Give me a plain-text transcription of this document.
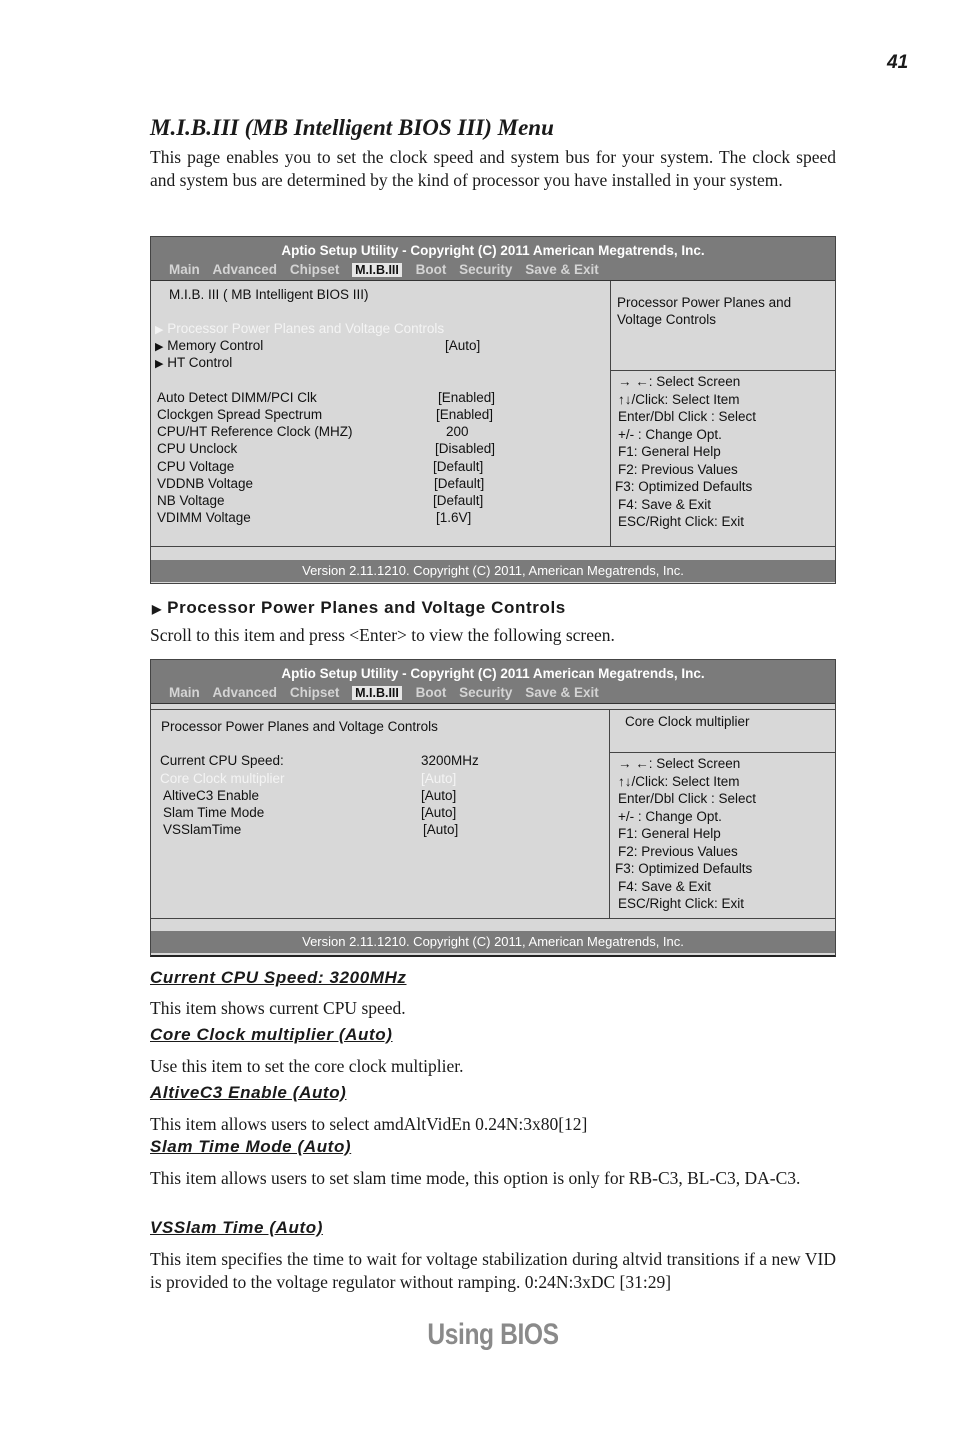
41
M.I.B.III (MB Intelligent BIOS III) Menu
This page enables you to set the clock speed and system bus for your system. The clock speed and system bus are determined by the kind of processor you have installed in your system.
Aptio Setup Utility - Copyright (C) 2011 American Megatrends, Inc.
Main Advanced Chipset M.I.B.III Boot Security Save & Exit
M.I.B. III ( MB Intelligent BIOS III)
▶ Processor Power Planes and Voltage Controls
▶ Memory Control	[Auto]
▶ HT Control
Auto Detect DIMM/PCI Clk	[Enabled]
Clockgen Spread Spectrum	[Enabled]
CPU/HT Reference Clock (MHZ)	200
CPU Unclock	[Disabled]
CPU Voltage	[Default]
VDDNB Voltage	[Default]
NB Voltage	[Default]
VDIMM Voltage	[1.6V]
Processor Power Planes and
Voltage Controls
→ ←: Select Screen
↑↓/Click: Select Item
Enter/Dbl Click : Select
+/- : Change Opt.
F1: General Help
F2: Previous Values
F3: Optimized Defaults
F4: Save & Exit
ESC/Right Click: Exit
Version 2.11.1210. Copyright (C) 2011, American Megatrends, Inc.
▶ Processor Power Planes and Voltage Controls
Scroll to this item and press <Enter> to view the following screen.
Aptio Setup Utility - Copyright (C) 2011 American Megatrends, Inc.
Main Advanced Chipset M.I.B.III Boot Security Save & Exit
Processor Power Planes and Voltage Controls
Current CPU Speed:	3200MHz
Core Clock multiplier	[Auto]
AltiveC3 Enable	[Auto]
Slam Time Mode	[Auto]
VSSlamTime	[Auto]
Core Clock multiplier
→ ←: Select Screen
↑↓/Click: Select Item
Enter/Dbl Click : Select
+/- : Change Opt.
F1: General Help
F2: Previous Values
F3: Optimized Defaults
F4: Save & Exit
ESC/Right Click: Exit
Version 2.11.1210. Copyright (C) 2011, American Megatrends, Inc.
Current CPU Speed: 3200MHz
This item shows current CPU speed.
Core Clock multiplier (Auto)
Use this item to set the core clock multiplier.
AltiveC3 Enable (Auto)
This item allows users to select amdAltVidEn 0.24N:3x80[12]
Slam Time Mode (Auto)
This item allows users to set slam time mode, this option is only for RB-C3, BL-C3, DA-C3.
VSSlam Time (Auto)
This item specifies the time to wait for voltage stabilization during altvid transitions if a new VID is provided to the voltage regulator without ramping. 0:24N:3xDC [31:29]
Using BIOS
